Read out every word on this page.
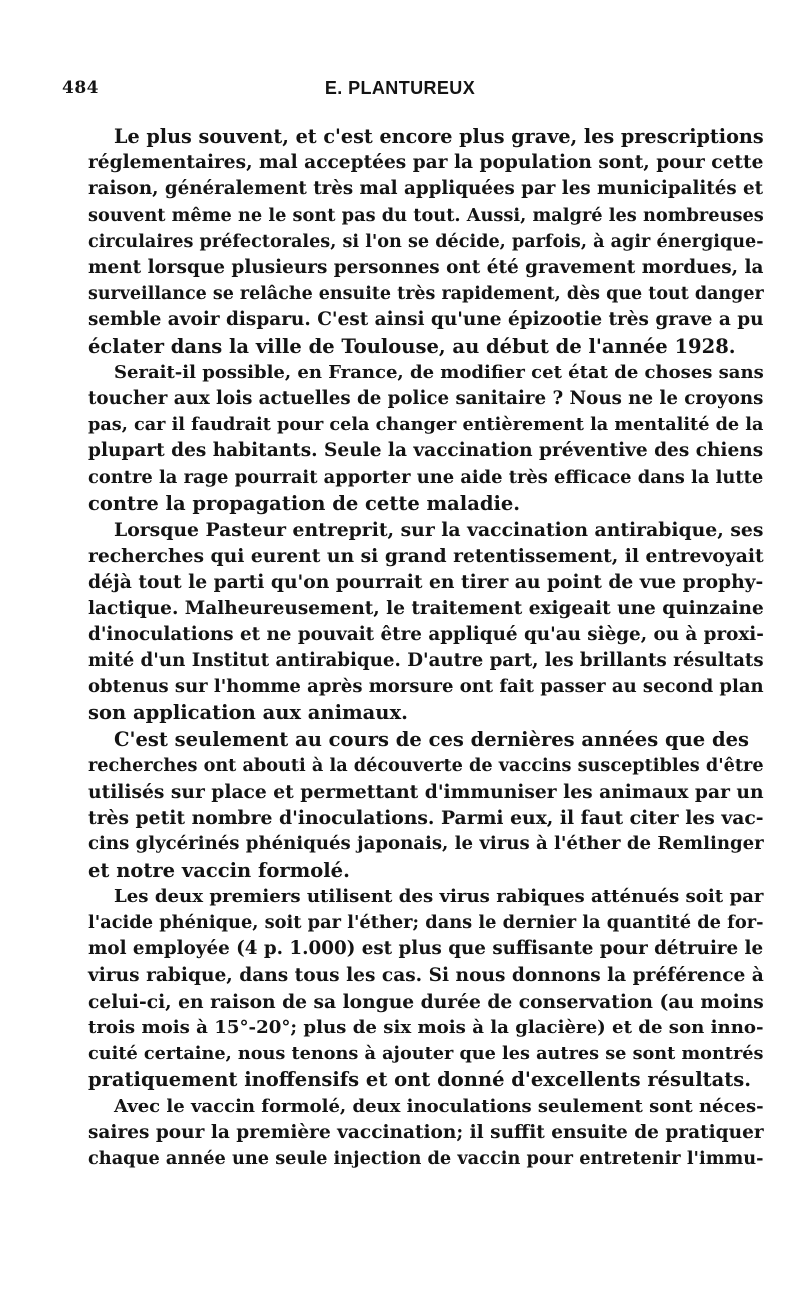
484	E. PLANTUREUX

Le plus souvent, et c'est encore plus grave, les prescriptions
réglementaires, mal acceptées par la population sont, pour cette
raison, généralement très mal appliquées par les municipalités et
souvent même ne le sont pas du tout. Aussi, malgré les nombreuses
circulaires préfectorales, si l'on se décide, parfois, à agir énergique-
ment lorsque plusieurs personnes ont été gravement mordues, la
surveillance se relâche ensuite très rapidement, dès que tout danger
semble avoir disparu. C'est ainsi qu'une épizootie très grave a pu
éclater dans la ville de Toulouse, au début de l'année 1928.

Serait-il possible, en France, de modifier cet état de choses sans
toucher aux lois actuelles de police sanitaire ? Nous ne le croyons
pas, car il faudrait pour cela changer entièrement la mentalité de la
plupart des habitants. Seule la vaccination préventive des chiens
contre la rage pourrait apporter une aide très efficace dans la lutte
contre la propagation de cette maladie.

Lorsque Pasteur entreprit, sur la vaccination antirabique, ses
recherches qui eurent un si grand retentissement, il entrevoyait
déjà tout le parti qu'on pourrait en tirer au point de vue prophy-
lactique. Malheureusement, le traitement exigeait une quinzaine
d'inoculations et ne pouvait être appliqué qu'au siège, ou à proxi-
mité d'un Institut antirabique. D'autre part, les brillants résultats
obtenus sur l'homme après morsure ont fait passer au second plan
son application aux animaux.

C'est seulement au cours de ces dernières années que des
recherches ont abouti à la découverte de vaccins susceptibles d'être
utilisés sur place et permettant d'immuniser les animaux par un
très petit nombre d'inoculations. Parmi eux, il faut citer les vac-
cins glycérinés phéniqués japonais, le virus à l'éther de Remlinger
et notre vaccin formolé.

Les deux premiers utilisent des virus rabiques atténués soit par
l'acide phénique, soit par l'éther; dans le dernier la quantité de for-
mol employée (4 p. 1.000) est plus que suffisante pour détruire le
virus rabique, dans tous les cas. Si nous donnons la préférence à
celui-ci, en raison de sa longue durée de conservation (au moins
trois mois à 15°-20°; plus de six mois à la glacière) et de son inno-
cuité certaine, nous tenons à ajouter que les autres se sont montrés
pratiquement inoffensifs et ont donné d'excellents résultats.

Avec le vaccin formolé, deux inoculations seulement sont néces-
saires pour la première vaccination; il suffit ensuite de pratiquer
chaque année une seule injection de vaccin pour entretenir l'immu-
